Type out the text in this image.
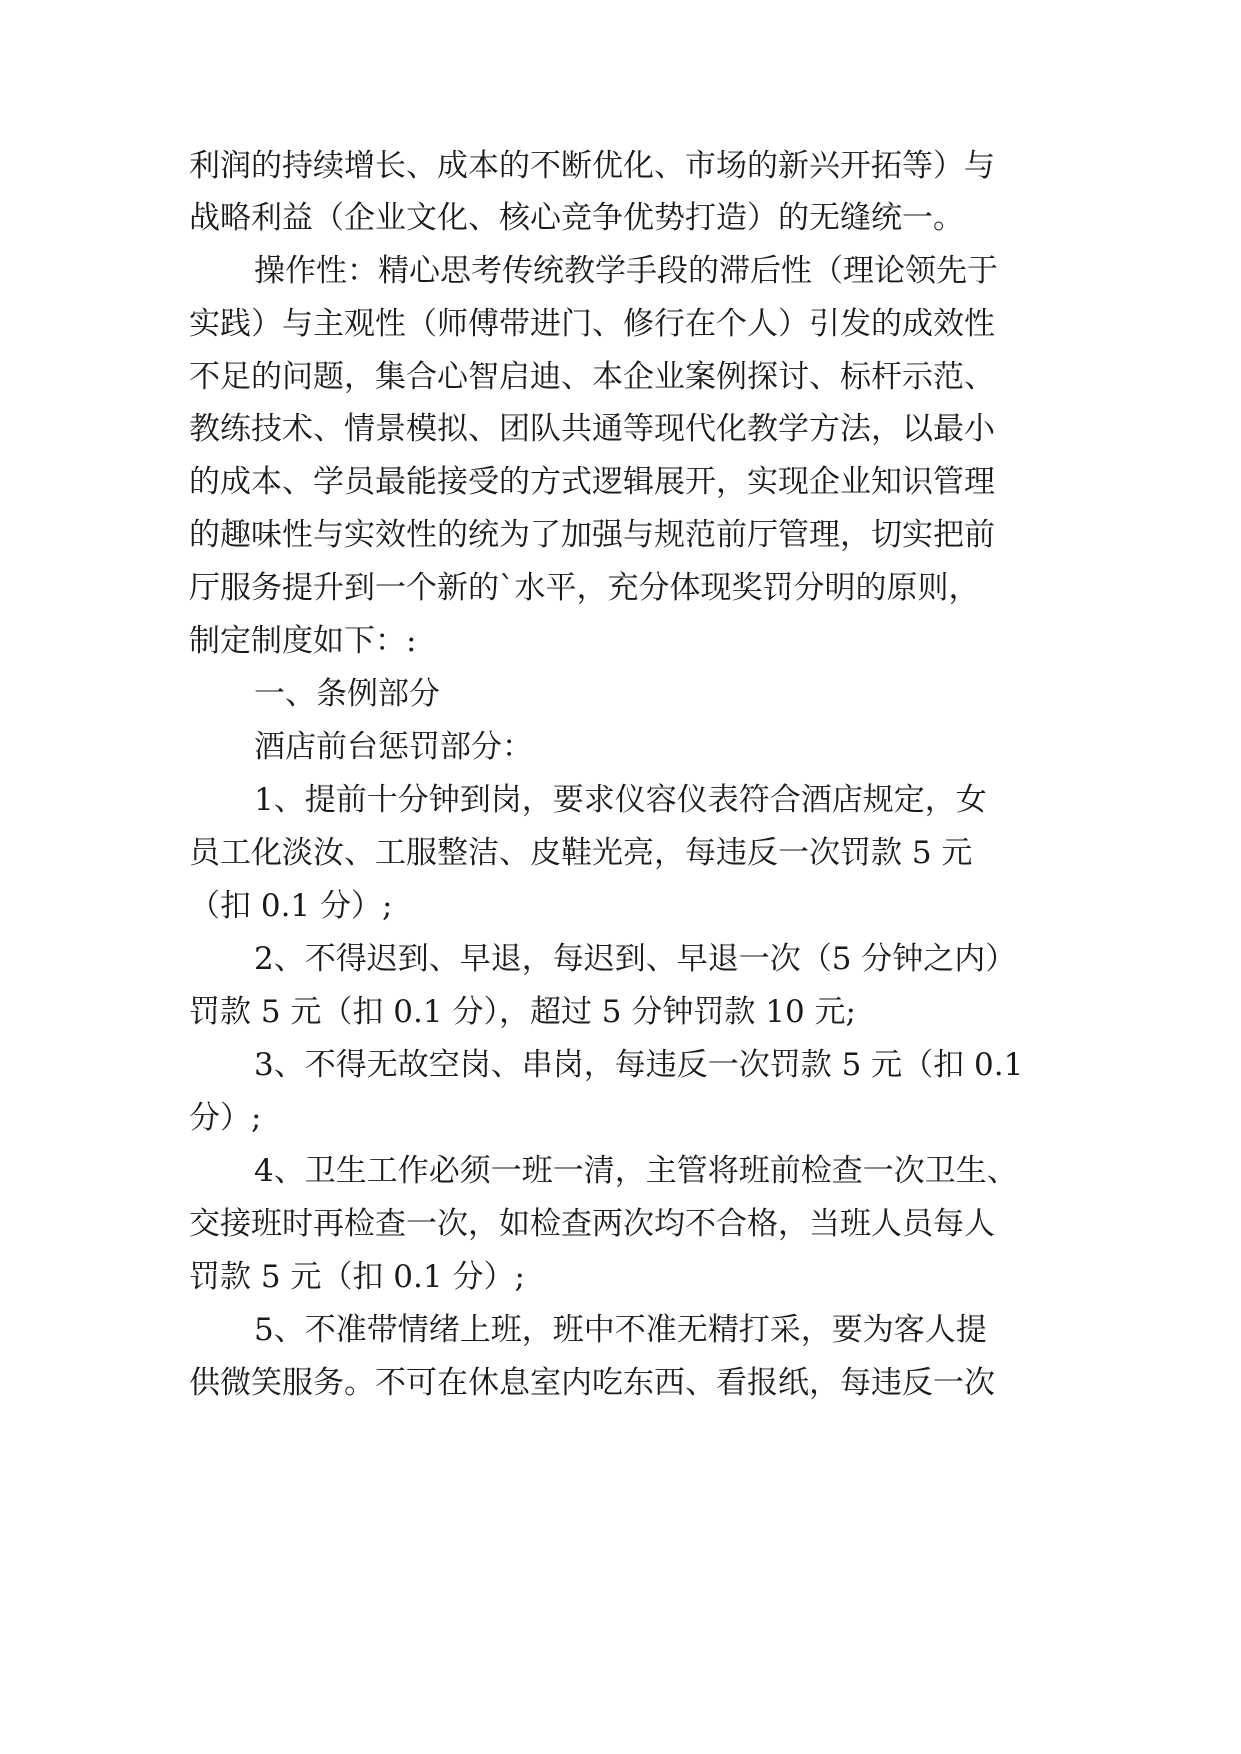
利润的持续增长、成本的不断优化、市场的新兴开拓等）与
战略利益（企业文化、核心竞争优势打造）的无缝统一。
操作性：精心思考传统教学手段的滞后性（理论领先于
实践）与主观性（师傅带进门、修行在个人）引发的成效性
不足的问题，集合心智启迪、本企业案例探讨、标杆示范、
教练技术、情景模拟、团队共通等现代化教学方法，以最小
的成本、学员最能接受的方式逻辑展开，实现企业知识管理
的趣味性与实效性的统为了加强与规范前厅管理，切实把前
厅服务提升到一个新的`水平，充分体现奖罚分明的原则，
制定制度如下：:
一、条例部分
酒店前台惩罚部分：
1、提前十分钟到岗，要求仪容仪表符合酒店规定，女
员工化淡汝、工服整洁、皮鞋光亮，每违反一次罚款 5 元
（扣 0.1 分）;
2、不得迟到、早退，每迟到、早退一次（5 分钟之内）
罚款 5 元（扣 0.1 分），超过 5 分钟罚款 10 元;
3、不得无故空岗、串岗，每违反一次罚款 5 元（扣 0.1
分）;
4、卫生工作必须一班一清，主管将班前检查一次卫生、
交接班时再检查一次，如检查两次均不合格，当班人员每人
罚款 5 元（扣 0.1 分）;
5、不准带情绪上班，班中不准无精打采，要为客人提
供微笑服务。不可在休息室内吃东西、看报纸，每违反一次
